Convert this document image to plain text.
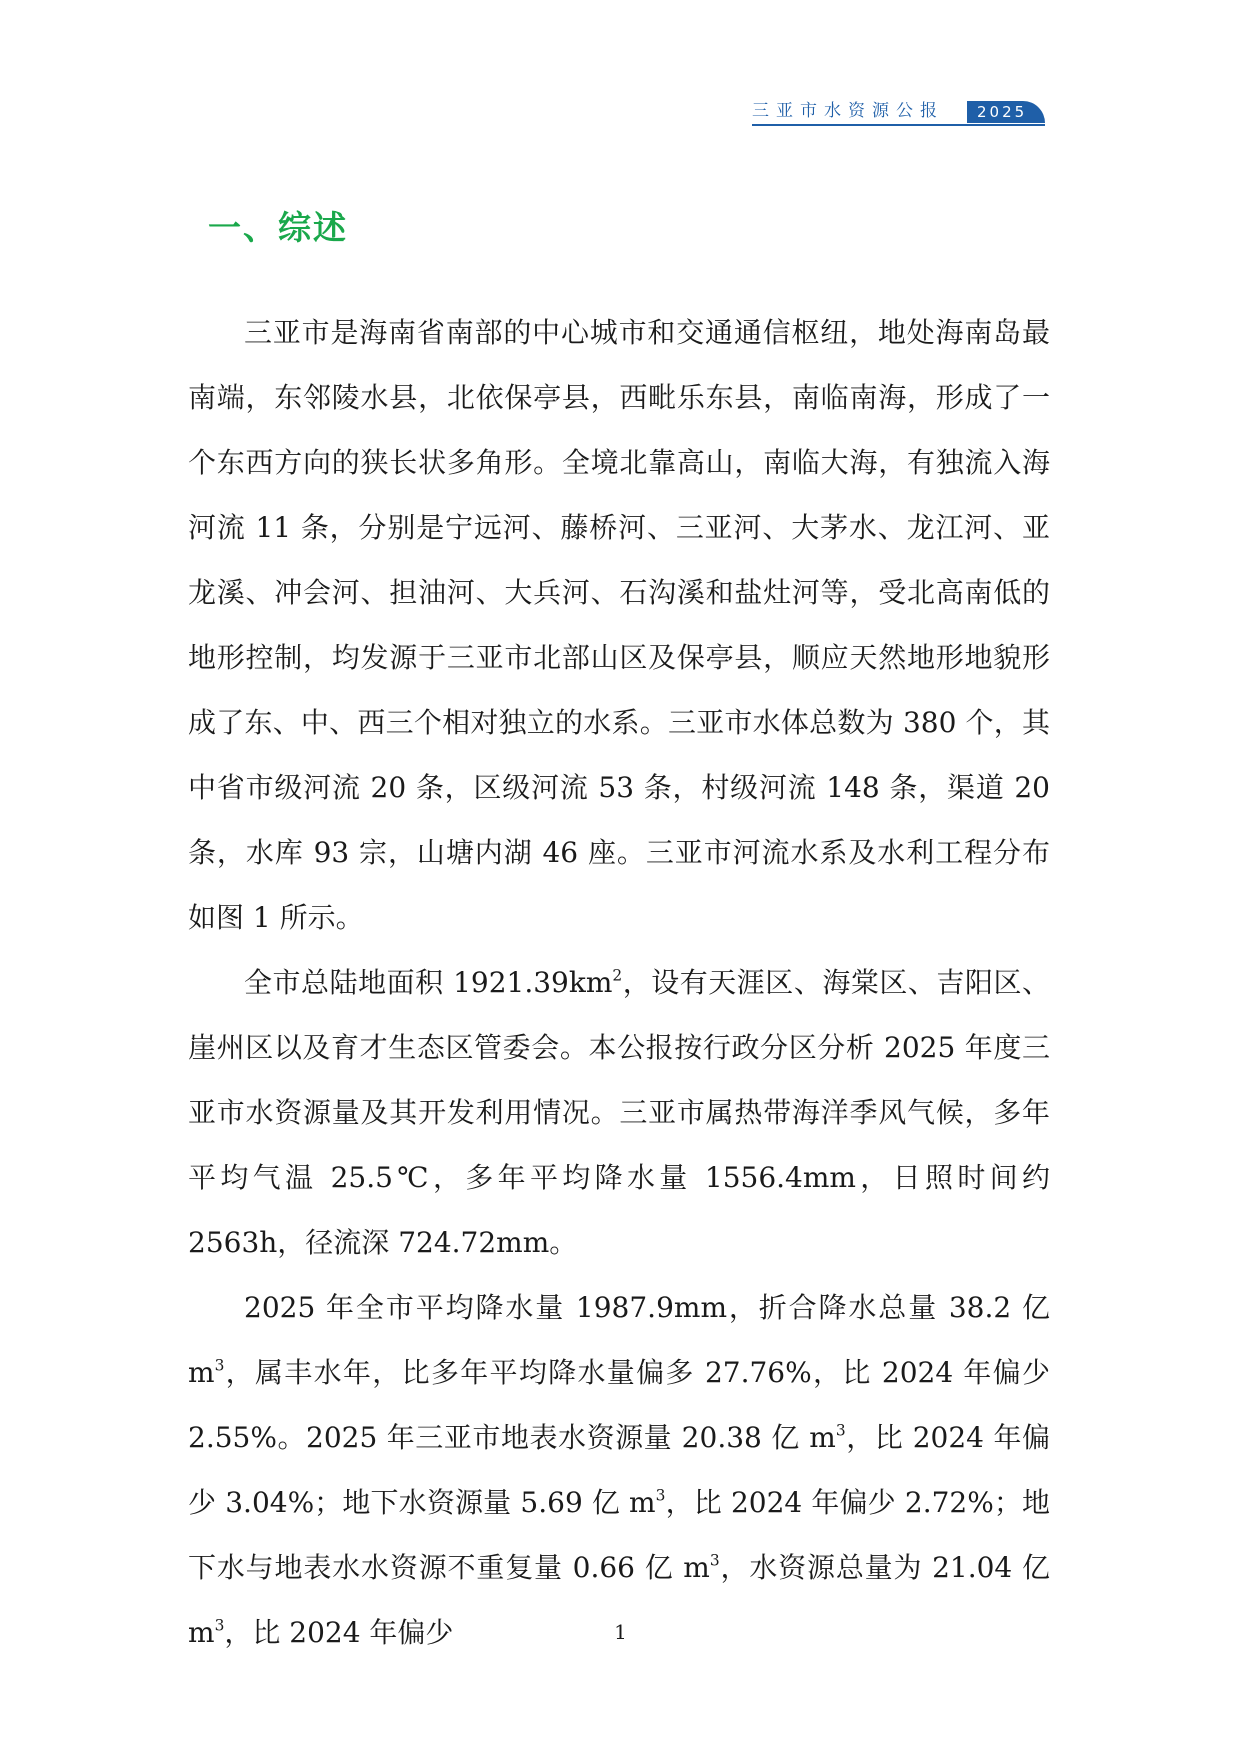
三亚市水资源公报	2025
一、综述

三亚市是海南省南部的中心城市和交通通信枢纽，地处海南岛最南端，东邻陵水县，北依保亭县，西毗乐东县，南临南海，形成了一个东西方向的狭长状多角形。全境北靠高山，南临大海，有独流入海河流 11 条，分别是宁远河、藤桥河、三亚河、大茅水、龙江河、亚龙溪、冲会河、担油河、大兵河、石沟溪和盐灶河等，受北高南低的地形控制，均发源于三亚市北部山区及保亭县，顺应天然地形地貌形成了东、中、西三个相对独立的水系。三亚市水体总数为 380 个，其中省市级河流 20 条，区级河流 53 条，村级河流 148 条，渠道 20 条，水库 93 宗，山塘内湖 46 座。三亚市河流水系及水利工程分布如图 1 所示。

全市总陆地面积 $1921.39km^2$，设有天涯区、海棠区、吉阳区、崖州区以及育才生态区管委会。本公报按行政分区分析 2025 年度三亚市水资源量及其开发利用情况。三亚市属热带海洋季风气候，多年平均气温 25.5℃，多年平均降水量 1556.4mm，日照时间约 2563h，径流深 724.72mm。

2025 年全市平均降水量 1987.9mm，折合降水总量 38.2 亿 $m^3$，属丰水年，比多年平均降水量偏多 27.76%，比 2024 年偏少 2.55%。2025 年三亚市地表水资源量 20.38 亿 $m^3$，比 2024 年偏少 3.04%；地下水资源量 5.69 亿 $m^3$，比 2024 年偏少 2.72%；地下水与地表水水资源不重复量 0.66 亿 $m^3$，水资源总量为 21.04 亿 $m^3$，比 2024 年偏少	1
